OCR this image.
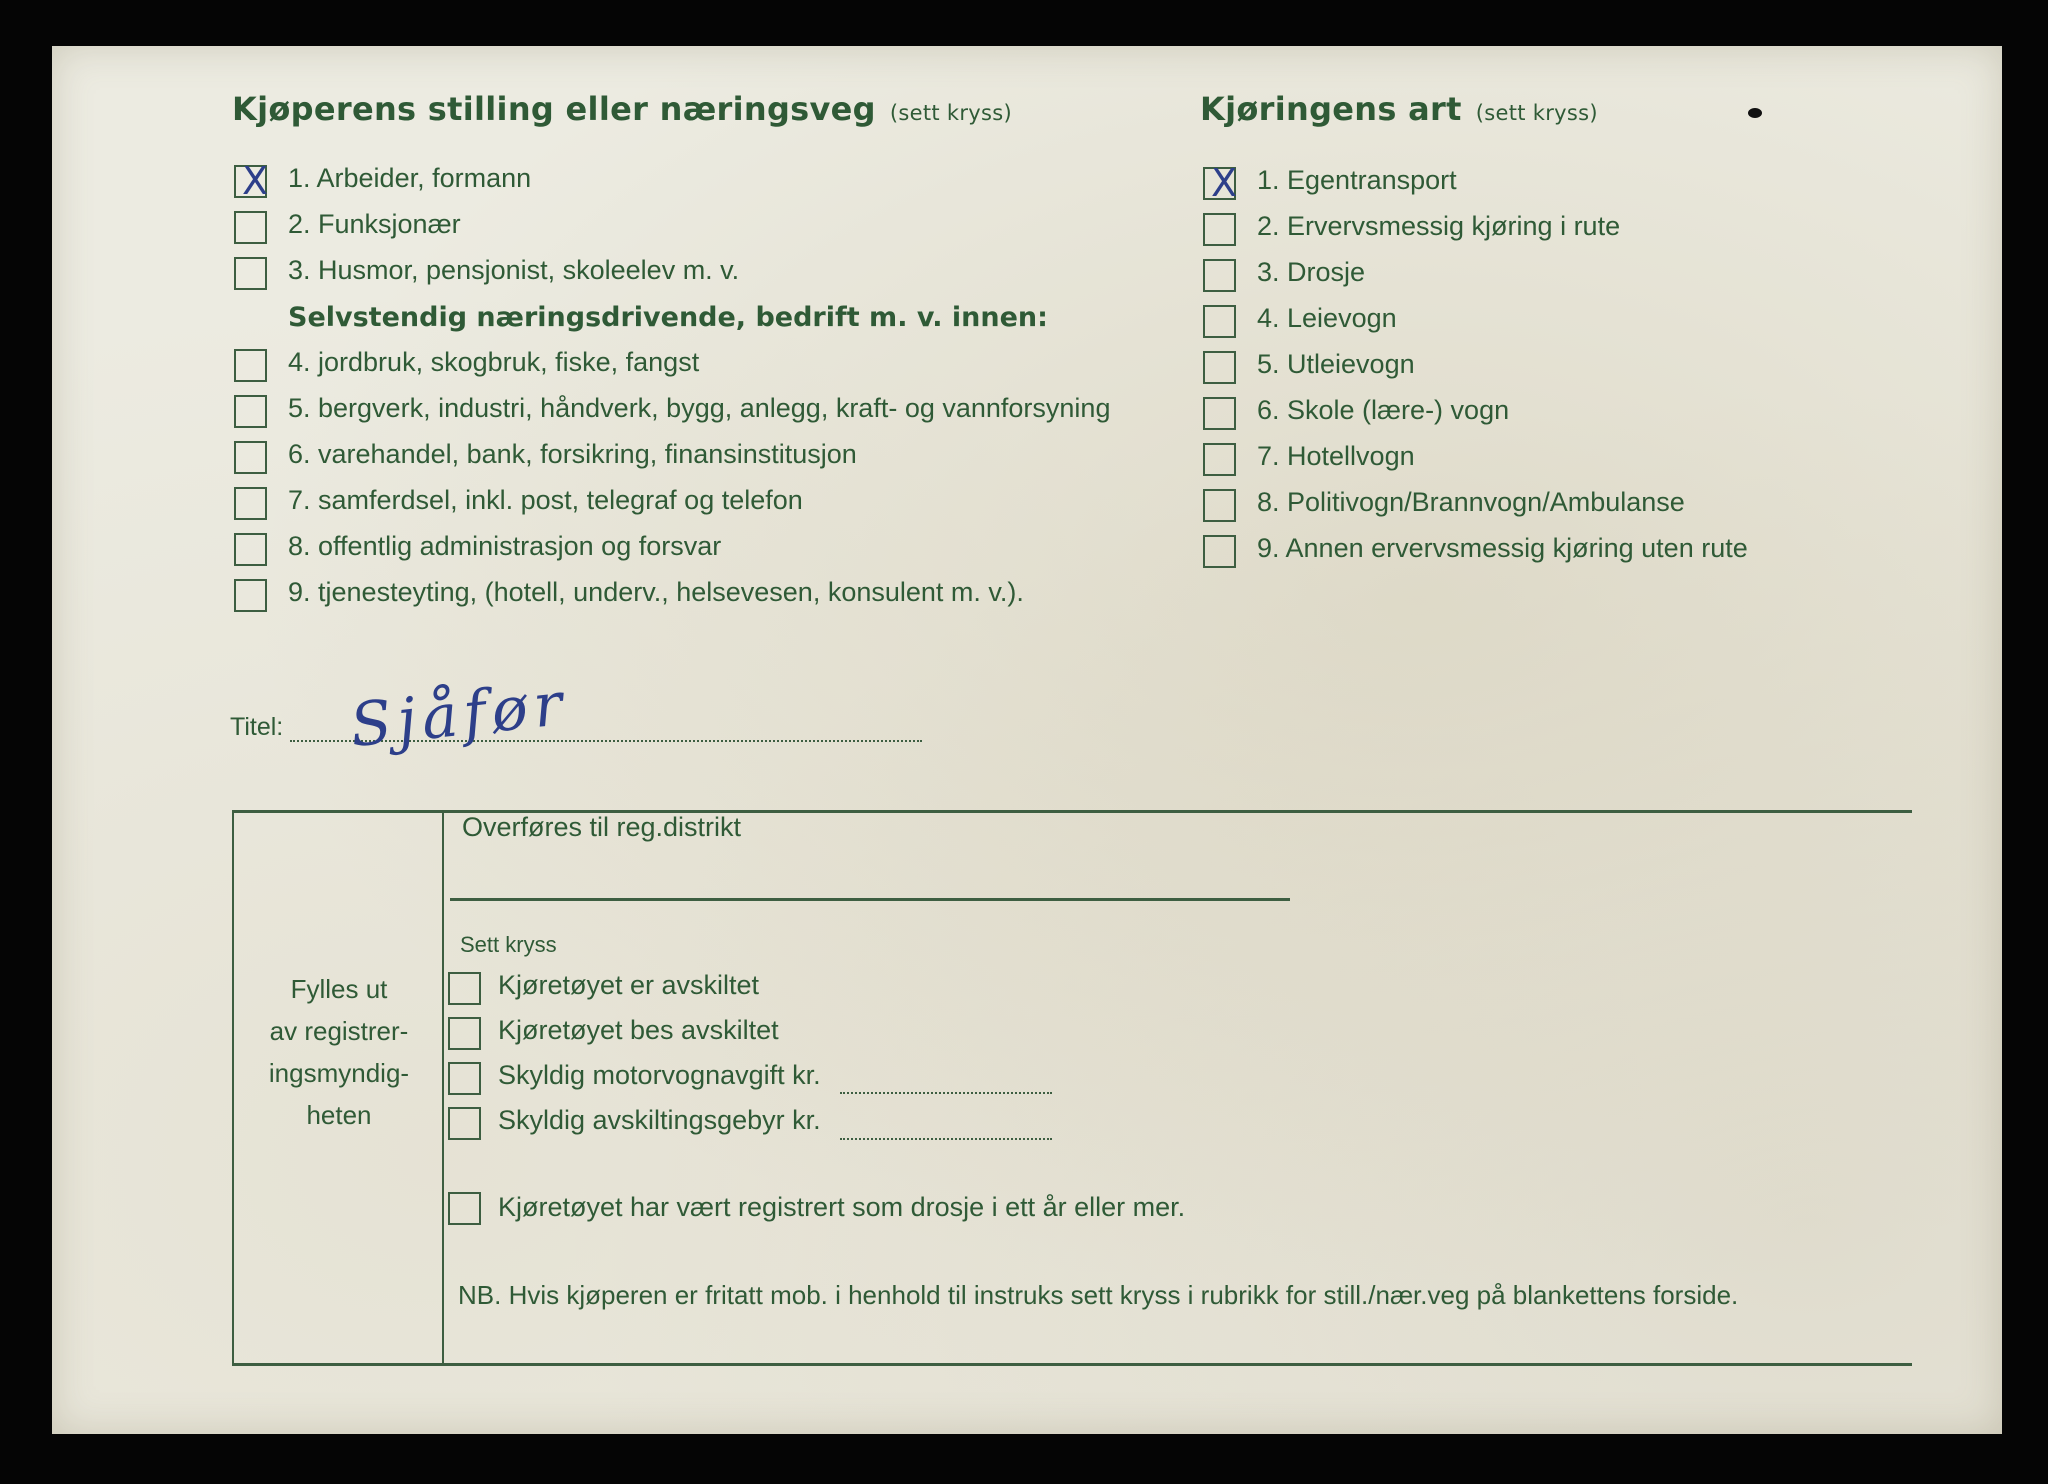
Kjøperens stilling eller næringsveg (sett kryss)
X 1. Arbeider, formann
2. Funksjonær
3. Husmor, pensjonist, skoleelev m. v.
Selvstendig næringsdrivende, bedrift m. v. innen:
4. jordbruk, skogbruk, fiske, fangst
5. bergverk, industri, håndverk, bygg, anlegg, kraft- og vannforsyning
6. varehandel, bank, forsikring, finansinstitusjon
7. samferdsel, inkl. post, telegraf og telefon
8. offentlig administrasjon og forsvar
9. tjenesteyting, (hotell, underv., helsevesen, konsulent m. v.).
Kjøringens art (sett kryss)
X 1. Egentransport
2. Ervervsmessig kjøring i rute
3. Drosje
4. Leievogn
5. Utleievogn
6. Skole (lære-) vogn
7. Hotellvogn
8. Politivogn/Brannvogn/Ambulanse
9. Annen ervervsmessig kjøring uten rute
Titel: Sjåfør
Fylles ut
av registrer-
ingsmyndig-
heten
Overføres til reg.distrikt
Sett kryss
Kjøretøyet er avskiltet
Kjøretøyet bes avskiltet
Skyldig motorvognavgift kr.
Skyldig avskiltingsgebyr kr.
Kjøretøyet har vært registrert som drosje i ett år eller mer.
NB. Hvis kjøperen er fritatt mob. i henhold til instruks sett kryss i rubrikk for still./nær.veg på blankettens forside.
